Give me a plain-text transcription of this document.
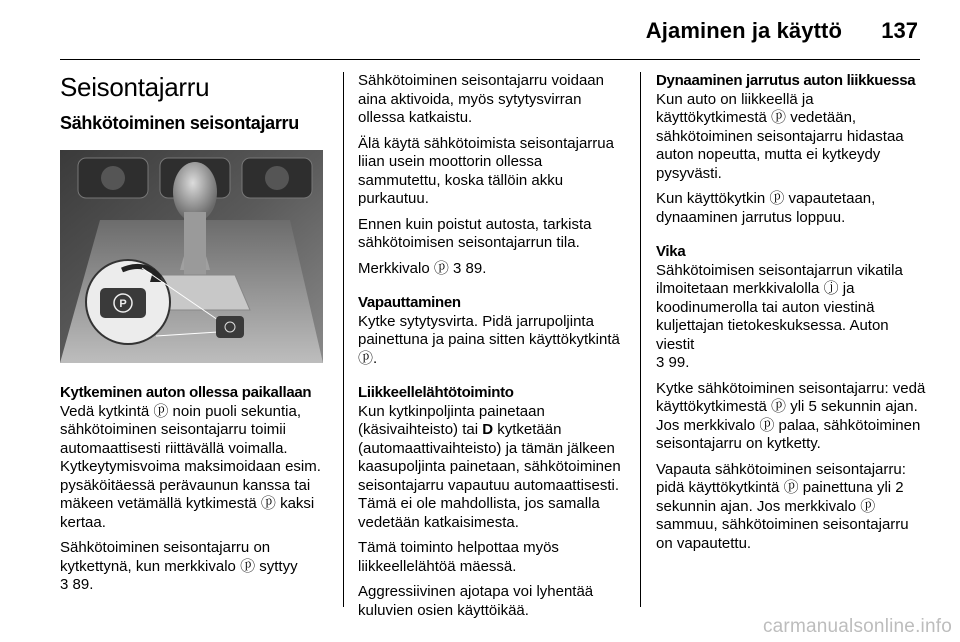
Ajaminen ja käyttö 137
Seisontajarru
Sähkötoiminen seisontajarru
P
Kytkeminen auton ollessa paikallaan

Vedä kytkintä ⓟ noin puoli sekuntia, sähkötoiminen seisontajarru toimii automaattisesti riittävällä voimalla. Kytkeytymisvoima maksimoidaan esim. pysäköitäessä perävaunun kanssa tai mäkeen vetämällä kytkimestä ⓟ kaksi kertaa.

Sähkötoiminen seisontajarru on kytkettynä, kun merkkivalo ⓟ syttyy
3 89.

Sähkötoiminen seisontajarru voidaan aina aktivoida, myös sytytysvirran ollessa katkaistu.

Älä käytä sähkötoimista seisontajarrua liian usein moottorin ollessa sammutettu, koska tällöin akku purkautuu.

Ennen kuin poistut autosta, tarkista sähkötoimisen seisontajarrun tila.

Merkkivalo ⓟ 3 89.

Vapauttaminen

Kytke sytytysvirta. Pidä jarrupoljinta painettuna ja paina sitten käyttökytkintä ⓟ.

Liikkeellelähtötoiminto

Kun kytkinpoljinta painetaan (käsivaihteisto) tai D kytketään (automaattivaihteisto) ja tämän jälkeen kaasupoljinta painetaan, sähkötoiminen seisontajarru vapautuu automaattisesti. Tämä ei ole mahdollista, jos samalla vedetään katkaisimesta.

Tämä toiminto helpottaa myös liikkeellelähtöä mäessä.

Aggressiivinen ajotapa voi lyhentää kuluvien osien käyttöikää.

Dynaaminen jarrutus auton liikkuessa

Kun auto on liikkeellä ja käyttökytkimestä ⓟ vedetään, sähkötoiminen seisontajarru hidastaa auton nopeutta, mutta ei kytkeydy pysyvästi.

Kun käyttökytkin ⓟ vapautetaan, dynaaminen jarrutus loppuu.

Vika

Sähkötoimisen seisontajarrun vikatila ilmoitetaan merkkivalolla ⓙ ja koodinumerolla tai auton viestinä kuljettajan tietokeskuksessa. Auton viestit
3 99.

Kytke sähkötoiminen seisontajarru: vedä käyttökytkimestä ⓟ yli 5 sekunnin ajan. Jos merkkivalo ⓟ palaa, sähkötoiminen seisontajarru on kytketty.

Vapauta sähkötoiminen seisontajarru: pidä käyttökytkintä ⓟ painettuna yli 2 sekunnin ajan. Jos merkkivalo ⓟ sammuu, sähkötoiminen seisontajarru on vapautettu.

carmanualsonline.info
